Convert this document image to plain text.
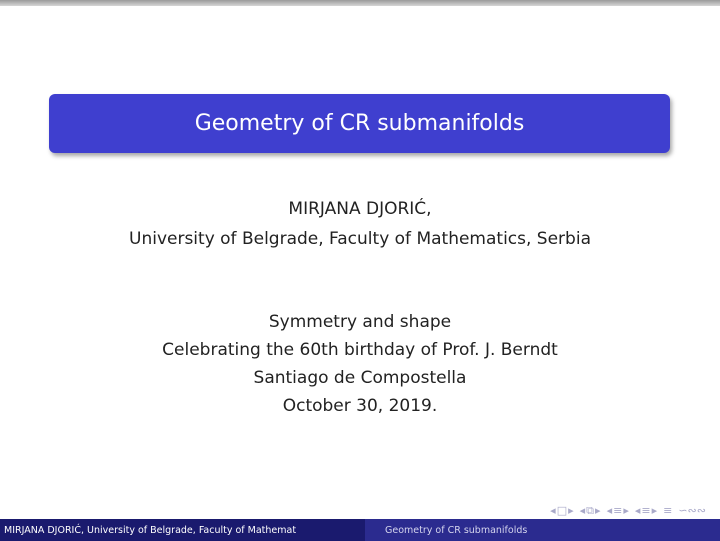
Geometry of CR submanifolds
MIRJANA DJORIĆ,
University of Belgrade, Faculty of Mathematics, Serbia
Symmetry and shape
Celebrating the 60th birthday of Prof. J. Berndt
Santiago de Compostella
October 30, 2019.
◂ □ ▸ ◂ ⧉ ▸ ◂ ≡ ▸ ◂ ≡ ▸ ≡ ∽∾∾
MIRJANA DJORIĆ, University of Belgrade, Faculty of Mathemat	Geometry of CR submanifolds
